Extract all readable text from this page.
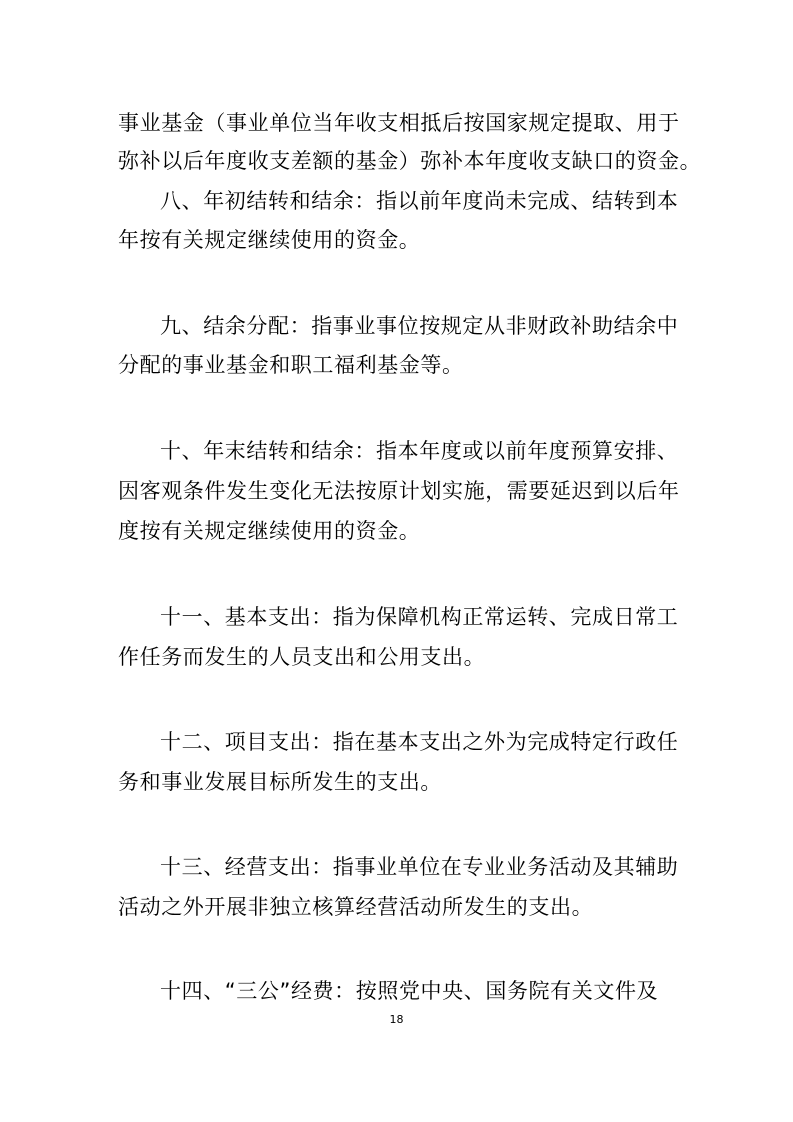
事业基金（事业单位当年收支相抵后按国家规定提取、用于
弥补以后年度收支差额的基金）弥补本年度收支缺口的资金。
八、年初结转和结余：指以前年度尚未完成、结转到本
年按有关规定继续使用的资金。
九、结余分配：指事业事位按规定从非财政补助结余中
分配的事业基金和职工福利基金等。
十、年末结转和结余：指本年度或以前年度预算安排、
因客观条件发生变化无法按原计划实施，需要延迟到以后年
度按有关规定继续使用的资金。
十一、基本支出：指为保障机构正常运转、完成日常工
作任务而发生的人员支出和公用支出。
十二、项目支出：指在基本支出之外为完成特定行政任
务和事业发展目标所发生的支出。
十三、经营支出：指事业单位在专业业务活动及其辅助
活动之外开展非独立核算经营活动所发生的支出。
十四、“三公”经费：按照党中央、国务院有关文件及
18
